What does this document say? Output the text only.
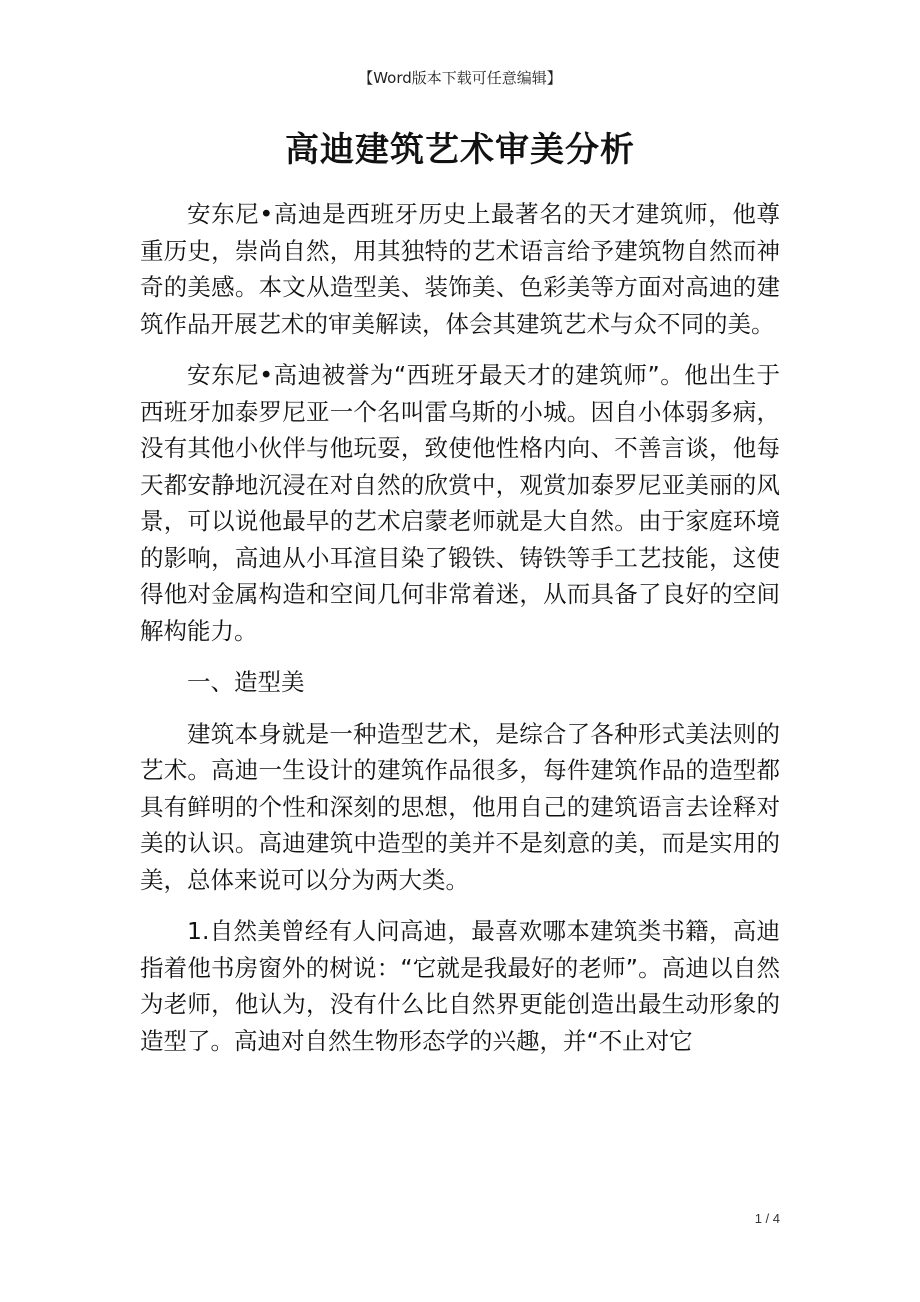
【Word版本下载可任意编辑】
高迪建筑艺术审美分析

安东尼•高迪是西班牙历史上最著名的天才建筑师，他尊重历史，崇尚自然，用其独特的艺术语言给予建筑物自然而神奇的美感。本文从造型美、装饰美、色彩美等方面对高迪的建筑作品开展艺术的审美解读，体会其建筑艺术与众不同的美。

安东尼•高迪被誉为“西班牙最天才的建筑师”。他出生于西班牙加泰罗尼亚一个名叫雷乌斯的小城。因自小体弱多病，没有其他小伙伴与他玩耍，致使他性格内向、不善言谈，他每天都安静地沉浸在对自然的欣赏中，观赏加泰罗尼亚美丽的风景，可以说他最早的艺术启蒙老师就是大自然。由于家庭环境的影响，高迪从小耳渲目染了锻铁、铸铁等手工艺技能，这使得他对金属构造和空间几何非常着迷，从而具备了良好的空间解构能力。

一、造型美

建筑本身就是一种造型艺术，是综合了各种形式美法则的艺术。高迪一生设计的建筑作品很多，每件建筑作品的造型都具有鲜明的个性和深刻的思想，他用自己的建筑语言去诠释对美的认识。高迪建筑中造型的美并不是刻意的美，而是实用的美，总体来说可以分为两大类。

1.自然美曾经有人问高迪，最喜欢哪本建筑类书籍，高迪指着他书房窗外的树说：“它就是我最好的老师”。高迪以自然为老师，他认为，没有什么比自然界更能创造出最生动形象的造型了。高迪对自然生物形态学的兴趣，并“不止对它

1 / 4
